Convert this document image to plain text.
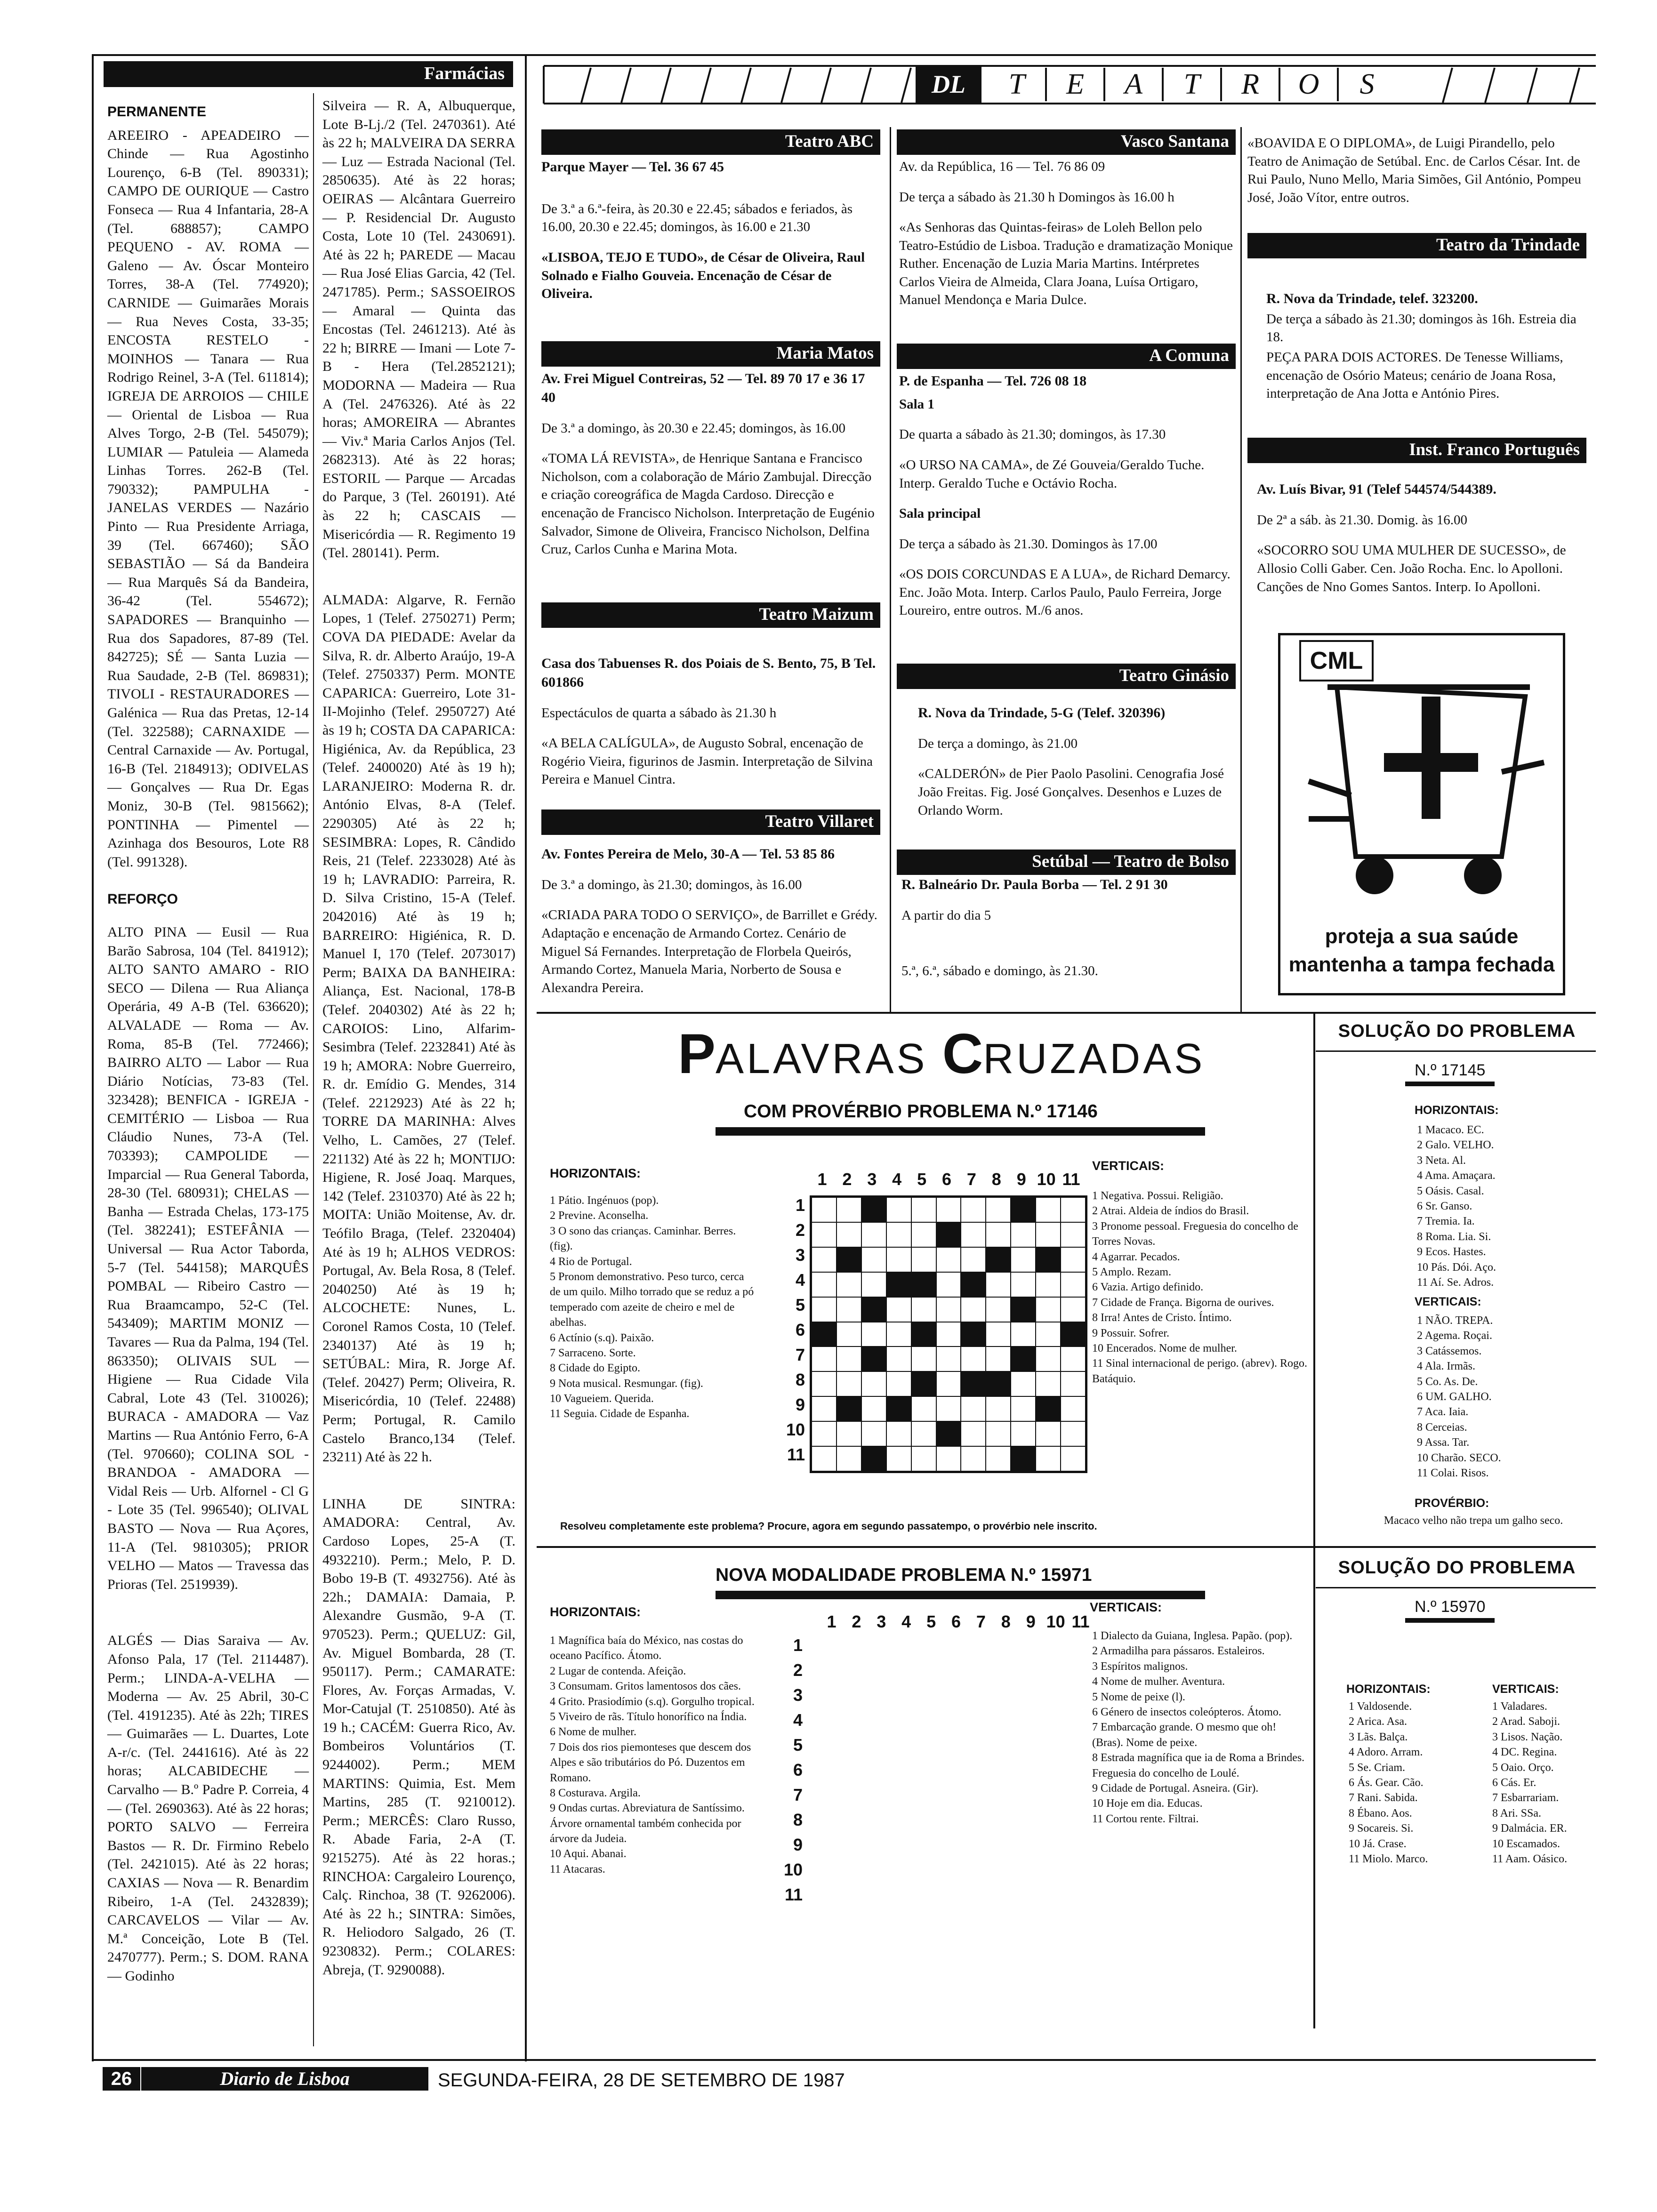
Farmácias
PERMANENTE

AREEIRO - APEADEIRO — Chinde — Rua Agostinho Lourenço, 6-B (Tel. 890331); CAMPO DE OURIQUE — Castro Fonseca — Rua 4 Infantaria, 28-A (Tel. 688857); CAMPO PEQUENO - AV. ROMA — Galeno — Av. Óscar Monteiro Torres, 38-A (Tel. 774920); CARNIDE — Guimarães Morais — Rua Neves Costa, 33-35; ENCOSTA RESTELO - MOINHOS — Tanara — Rua Rodrigo Reinel, 3-A (Tel. 611814); IGREJA DE ARROIOS — CHILE — Oriental de Lisboa — Rua Alves Torgo, 2-B (Tel. 545079); LUMIAR — Patuleia — Alameda Linhas Torres. 262-B (Tel. 790332); PAMPULHA - JANELAS VERDES — Nazário Pinto — Rua Presidente Arriaga, 39 (Tel. 667460); SÃO SEBASTIÃO — Sá da Bandeira — Rua Marquês Sá da Bandeira, 36-42 (Tel. 554672); SAPADORES — Branquinho — Rua dos Sapadores, 87-89 (Tel. 842725); SÉ — Santa Luzia — Rua Saudade, 2-B (Tel. 869831); TIVOLI - RESTAURADORES — Galénica — Rua das Pretas, 12-14 (Tel. 322588); CARNAXIDE — Central Carnaxide — Av. Portugal, 16-B (Tel. 2184913); ODIVELAS — Gonçalves — Rua Dr. Egas Moniz, 30-B (Tel. 9815662); PONTINHA — Pimentel — Azinhaga dos Besouros, Lote R8 (Tel. 991328).

REFORÇO

ALTO PINA — Eusil — Rua Barão Sabrosa, 104 (Tel. 841912); ALTO SANTO AMARO - RIO SECO — Dilena — Rua Aliança Operária, 49 A-B (Tel. 636620); ALVALADE — Roma — Av. Roma, 85-B (Tel. 772466); BAIRRO ALTO — Labor — Rua Diário Notícias, 73-83 (Tel. 323428); BENFICA - IGREJA - CEMITÉRIO — Lisboa — Rua Cláudio Nunes, 73-A (Tel. 703393); CAMPOLIDE — Imparcial — Rua General Taborda, 28-30 (Tel. 680931); CHELAS — Banha — Estrada Chelas, 173-175 (Tel. 382241); ESTEFÂNIA — Universal — Rua Actor Taborda, 5-7 (Tel. 544158); MARQUÊS POMBAL — Ribeiro Castro — Rua Braamcampo, 52-C (Tel. 543409); MARTIM MONIZ — Tavares — Rua da Palma, 194 (Tel. 863350); OLIVAIS SUL — Higiene — Rua Cidade Vila Cabral, Lote 43 (Tel. 310026); BURACA - AMADORA — Vaz Martins — Rua António Ferro, 6-A (Tel. 970660); COLINA SOL - BRANDOA - AMADORA — Vidal Reis — Urb. Alfornel - Cl G - Lote 35 (Tel. 996540); OLIVAL BASTO — Nova — Rua Açores, 11-A (Tel. 9810305); PRIOR VELHO — Matos — Travessa das Prioras (Tel. 2519939).

ALGÉS — Dias Saraiva — Av. Afonso Pala, 17 (Tel. 2114487). Perm.; LINDA-A-VELHA — Moderna — Av. 25 Abril, 30-C (Tel. 4191235). Até às 22h; TIRES — Guimarães — L. Duartes, Lote A-r/c. (Tel. 2441616). Até às 22 horas; ALCABIDECHE — Carvalho — B.º Padre P. Correia, 4 — (Tel. 2690363). Até às 22 horas; PORTO SALVO — Ferreira Bastos — R. Dr. Firmino Rebelo (Tel. 2421015). Até às 22 horas; CAXIAS — Nova — R. Benardim Ribeiro, 1-A (Tel. 2432839); CARCAVELOS — Vilar — Av. M.ª Conceição, Lote B (Tel. 2470777). Perm.; S. DOM. RANA — Godinho

Silveira — R. A, Albuquerque, Lote B-Lj./2 (Tel. 2470361). Até às 22 h; MALVEIRA DA SERRA — Luz — Estrada Nacional (Tel. 2850635). Até às 22 horas; OEIRAS — Alcântara Guerreiro — P. Residencial Dr. Augusto Costa, Lote 10 (Tel. 2430691). Até às 22 h; PAREDE — Macau — Rua José Elias Garcia, 42 (Tel. 2471785). Perm.; SASSOEIROS — Amaral — Quinta das Encostas (Tel. 2461213). Até às 22 h; BIRRE — Imani — Lote 7-B - Hera (Tel.2852121); MODORNA — Madeira — Rua A (Tel. 2476326). Até às 22 horas; AMOREIRA — Abrantes — Viv.ª Maria Carlos Anjos (Tel. 2682313). Até às 22 horas; ESTORIL — Parque — Arcadas do Parque, 3 (Tel. 260191). Até às 22 h; CASCAIS — Misericórdia — R. Regimento 19 (Tel. 280141). Perm.

ALMADA: Algarve, R. Fernão Lopes, 1 (Telef. 2750271) Perm; COVA DA PIEDADE: Avelar da Silva, R. dr. Alberto Araújo, 19-A (Telef. 2750337) Perm. MONTE CAPARICA: Guerreiro, Lote 31-II-Mojinho (Telef. 2950727) Até às 19 h; COSTA DA CAPARICA: Higiénica, Av. da República, 23 (Telef. 2400020) Até às 19 h); LARANJEIRO: Moderna R. dr. António Elvas, 8-A (Telef. 2290305) Até às 22 h; SESIMBRA: Lopes, R. Cândido Reis, 21 (Telef. 2233028) Até às 19 h; LAVRADIO: Parreira, R. D. Silva Cristino, 15-A (Telef. 2042016) Até às 19 h; BARREIRO: Higiénica, R. D. Manuel I, 170 (Telef. 2073017) Perm; BAIXA DA BANHEIRA: Aliança, Est. Nacional, 178-B (Telef. 2040302) Até às 22 h; CAROIOS: Lino, Alfarim-Sesimbra (Telef. 2232841) Até às 19 h; AMORA: Nobre Guerreiro, R. dr. Emídio G. Mendes, 314 (Telef. 2212923) Até às 22 h; TORRE DA MARINHA: Alves Velho, L. Camões, 27 (Telef. 221132) Até às 22 h; MONTIJO: Higiene, R. José Joaq. Marques, 142 (Telef. 2310370) Até às 22 h; MOITA: União Moitense, Av. dr. Teófilo Braga, (Telef. 2320404) Até às 19 h; ALHOS VEDROS: Portugal, Av. Bela Rosa, 8 (Telef. 2040250) Até às 19 h; ALCOCHETE: Nunes, L. Coronel Ramos Costa, 10 (Telef. 2340137) Até às 19 h; SETÚBAL: Mira, R. Jorge Af. (Telef. 20427) Perm; Oliveira, R. Misericórdia, 10 (Telef. 22488) Perm; Portugal, R. Camilo Castelo Branco,134 (Telef. 23211) Até às 22 h.

LINHA DE SINTRA: AMADORA: Central, Av. Cardoso Lopes, 25-A (T. 4932210). Perm.; Melo, P. D. Bobo 19-B (T. 4932756). Até às 22h.; DAMAIA: Damaia, P. Alexandre Gusmão, 9-A (T. 970523). Perm.; QUELUZ: Gil, Av. Miguel Bombarda, 28 (T. 950117). Perm.; CAMARATE: Flores, Av. Forças Armadas, V. Mor-Catujal (T. 2510850). Até às 19 h.; CACÉM: Guerra Rico, Av. Bombeiros Voluntários (T. 9244002). Perm.; MEM MARTINS: Quimia, Est. Mem Martins, 285 (T. 9210012). Perm.; MERCÊS: Claro Russo, R. Abade Faria, 2-A (T. 9215275). Até às 22 horas.; RINCHOA: Cargaleiro Lourenço, Calç. Rinchoa, 38 (T. 9262006). Até às 22 h.; SINTRA: Simões, R. Heliodoro Salgado, 26 (T. 9230832). Perm.; COLARES: Abreja, (T. 9290088).

DL	T	E	A	T	R	O	S
Teatro ABC

Parque Mayer — Tel. 36 67 45

De 3.ª a 6.ª-feira, às 20.30 e 22.45; sábados e feriados, às 16.00, 20.30 e 22.45; domingos, às 16.00 e 21.30

«LISBOA, TEJO E TUDO», de César de Oliveira, Raul Solnado e Fialho Gouveia. Encenação de César de Oliveira.

Maria Matos

Av. Frei Miguel Contreiras, 52 — Tel. 89 70 17 e 36 17 40

De 3.ª a domingo, às 20.30 e 22.45; domingos, às 16.00

«TOMA LÁ REVISTA», de Henrique Santana e Francisco Nicholson, com a colaboração de Mário Zambujal. Direcção e criação coreográfica de Magda Cardoso. Direcção e encenação de Francisco Nicholson. Interpretação de Eugénio Salvador, Simone de Oliveira, Francisco Nicholson, Delfina Cruz, Carlos Cunha e Marina Mota.

Teatro Maizum

Casa dos Tabuenses R. dos Poiais de S. Bento, 75, B Tel. 601866

Espectáculos de quarta a sábado às 21.30 h

«A BELA CALÍGULA», de Augusto Sobral, encenação de Rogério Vieira, figurinos de Jasmin. Interpretação de Silvina Pereira e Manuel Cintra.

Teatro Villaret

Av. Fontes Pereira de Melo, 30-A — Tel. 53 85 86

De 3.ª a domingo, às 21.30; domingos, às 16.00

«CRIADA PARA TODO O SERVIÇO», de Barrillet e Grédy. Adaptação e encenação de Armando Cortez. Cenário de Miguel Sá Fernandes. Interpretação de Florbela Queirós, Armando Cortez, Manuela Maria, Norberto de Sousa e Alexandra Pereira.

Vasco Santana

Av. da República, 16 — Tel. 76 86 09

De terça a sábado às 21.30 h Domingos às 16.00 h

«As Senhoras das Quintas-feiras» de Loleh Bellon pelo Teatro-Estúdio de Lisboa. Tradução e dramatização Monique Ruther. Encenação de Luzia Maria Martins. Intérpretes Carlos Vieira de Almeida, Clara Joana, Luísa Ortigaro, Manuel Mendonça e Maria Dulce.

A Comuna

P. de Espanha — Tel. 726 08 18

Sala 1

De quarta a sábado às 21.30; domingos, às 17.30

«O URSO NA CAMA», de Zé Gouveia/Geraldo Tuche. Interp. Geraldo Tuche e Octávio Rocha.

Sala principal

De terça a sábado às 21.30. Domingos às 17.00

«OS DOIS CORCUNDAS E A LUA», de Richard Demarcy. Enc. João Mota. Interp. Carlos Paulo, Paulo Ferreira, Jorge Loureiro, entre outros. M./6 anos.

Teatro Ginásio

R. Nova da Trindade, 5-G (Telef. 320396)

De terça a domingo, às 21.00

«CALDERÓN» de Pier Paolo Pasolini. Cenografia José João Freitas. Fig. José Gonçalves. Desenhos e Luzes de Orlando Worm.

Setúbal — Teatro de Bolso

R. Balneário Dr. Paula Borba — Tel. 2 91 30

A partir do dia 5

5.ª, 6.ª, sábado e domingo, às 21.30.

«BOAVIDA E O DIPLOMA», de Luigi Pirandello, pelo Teatro de Animação de Setúbal. Enc. de Carlos César. Int. de Rui Paulo, Nuno Mello, Maria Simões, Gil António, Pompeu José, João Vítor, entre outros.

Teatro da Trindade

R. Nova da Trindade, telef. 323200.

De terça a sábado às 21.30; domingos às 16h. Estreia dia 18.

PEÇA PARA DOIS ACTORES. De Tenesse Williams, encenação de Osório Mateus; cenário de Joana Rosa, interpretação de Ana Jotta e António Pires.

Inst. Franco Português

Av. Luís Bivar, 91 (Telef 544574/544389.

De 2ª a sáb. às 21.30. Domig. às 16.00

«SOCORRO SOU UMA MULHER DE SUCESSO», de Allosio Colli Gaber. Cen. João Rocha. Enc. lo Apolloni. Canções de Nno Gomes Santos. Interp. Io Apolloni.

CML
proteja a sua saúde
mantenha a tampa fechada
PALAVRAS CRUZADAS
COM PROVÉRBIO PROBLEMA N.º 17146
HORIZONTAIS:
1 Pátio. Ingénuos (pop).
2 Previne. Aconselha.
3 O sono das crianças. Caminhar. Berres. (fig).
4 Rio de Portugal.
5 Pronom demonstrativo. Peso turco, cerca de um quilo. Milho torrado que se reduz a pó temperado com azeite de cheiro e mel de abelhas.
6 Actínio (s.q). Paixão.
7 Sarraceno. Sorte.
8 Cidade do Egipto.
9 Nota musical. Resmungar. (fig).
10 Vagueiem. Querida.
11 Seguia. Cidade de Espanha.
1 2 3 4 5 6 7 8 9 10 11
1
2
3
4
5
6
7
8
9
10
11
VERTICAIS:
1 Negativa. Possui. Religião.
2 Atrai. Aldeia de índios do Brasil.
3 Pronome pessoal. Freguesia do concelho de Torres Novas.
4 Agarrar. Pecados.
5 Amplo. Rezam.
6 Vazia. Artigo definido.
7 Cidade de França. Bigorna de ourives.
8 Irra! Antes de Cristo. Íntimo.
9 Possuir. Sofrer.
10 Encerados. Nome de mulher.
11 Sinal internacional de perigo. (abrev). Rogo. Batáquio.
Resolveu completamente este problema? Procure, agora em segundo passatempo, o provérbio nele inscrito.
SOLUÇÃO DO PROBLEMA
N.º 17145
HORIZONTAIS:
1 Macaco. EC.
2 Galo. VELHO.
3 Neta. Al.
4 Ama. Amaçara.
5 Oásis. Casal.
6 Sr. Ganso.
7 Tremia. Ia.
8 Roma. Lia. Si.
9 Ecos. Hastes.
10 Pás. Dói. Aço.
11 Aí. Se. Adros.
VERTICAIS:
1 NÃO. TREPA.
2 Agema. Roçai.
3 Catássemos.
4 Ala. Irmãs.
5 Co. As. De.
6 UM. GALHO.
7 Aca. Iaia.
8 Cerceias.
9 Assa. Tar.
10 Charão. SECO.
11 Colai. Risos.
PROVÉRBIO:
Macaco velho não trepa um galho seco.
NOVA MODALIDADE PROBLEMA N.º 15971
HORIZONTAIS:
1 Magnífica baía do México, nas costas do oceano Pacífico. Átomo.
2 Lugar de contenda. Afeição.
3 Consumam. Gritos lamentosos dos cães.
4 Grito. Prasiodímio (s.q). Gorgulho tropical.
5 Viveiro de rãs. Título honorífico na Índia.
6 Nome de mulher.
7 Dois dos rios piemonteses que descem dos Alpes e são tributários do Pó. Duzentos em Romano.
8 Costurava. Argila.
9 Ondas curtas. Abreviatura de Santíssimo. Árvore ornamental também conhecida por árvore da Judeia.
10 Aqui. Abanai.
11 Atacaras.
1 2 3 4 5 6 7 8 9 10 11
1
2
3
4
5
6
7
8
9
10
11
VERTICAIS:
1 Dialecto da Guiana, Inglesa. Papão. (pop).
2 Armadilha para pássaros. Estaleiros.
3 Espíritos malignos.
4 Nome de mulher. Aventura.
5 Nome de peixe (l).
6 Género de insectos coleópteros. Átomo.
7 Embarcação grande. O mesmo que oh! (Bras). Nome de peixe.
8 Estrada magnífica que ia de Roma a Brindes. Freguesia do concelho de Loulé.
9 Cidade de Portugal. Asneira. (Gir).
10 Hoje em dia. Educas.
11 Cortou rente. Filtrai.
SOLUÇÃO DO PROBLEMA
N.º 15970
HORIZONTAIS:
1 Valdosende.
2 Arica. Asa.
3 Lãs. Balça.
4 Adoro. Arram.
5 Se. Criam.
6 Ás. Gear. Cão.
7 Rani. Sabida.
8 Ébano. Aos.
9 Socareis. Si.
10 Já. Crase.
11 Miolo. Marco.
VERTICAIS:
1 Valadares.
2 Arad. Saboji.
3 Lisos. Nação.
4 DC. Regina.
5 Oaio. Orço.
6 Cás. Er.
7 Esbarrariam.
8 Ari. SSa.
9 Dalmácia. ER.
10 Escamados.
11 Aam. Oásico.
26	Diario de Lisboa	SEGUNDA-FEIRA, 28 DE SETEMBRO DE 1987
